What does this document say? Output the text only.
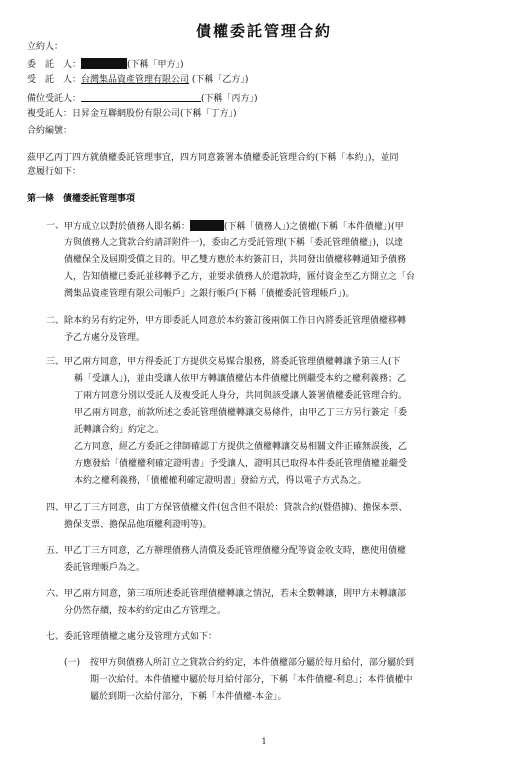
債權委託管理合約
立約人：
委　託　人：	(下稱「甲方」)
受　託　人：台灣集品資產管理有限公司 (下稱「乙方」)
備位受託人：	(下稱「丙方」)
複受託人：日昇金互聯網股份有限公司(下稱「丁方」)
合約編號：
茲甲乙丙丁四方就債權委託管理事宜，四方同意簽署本債權委託管理合約(下稱「本約」)，並同
意履行如下：
第一條　債權委託管理事項
一、 甲方成立以對於債務人即名稱：	(下稱「債務人」)之債權(下稱「本件債權」)(甲
方與債務人之貸款合約請詳附件一)，委由乙方受託管理(下稱「委託管理債權」)，以達
債權保全及屆期受償之目的。甲乙雙方應於本約簽訂日，共同發出債權移轉通知予債務
人，告知債權已委託並移轉予乙方，並要求債務人於還款時，匯付資金至乙方開立之「台
灣集品資產管理有限公司帳戶」之銀行帳戶(下稱「債權委託管理帳戶」)。
二、 除本約另有約定外，甲方即委託人同意於本約簽訂後兩個工作日內將委託管理債權移轉
予乙方處分及管理。
三、 甲乙兩方同意，甲方得委託丁方提供交易媒合服務，將委託管理債權轉讓予第三人(下
稱「受讓人」)，並由受讓人依甲方轉讓債權佔本件債權比例繼受本約之權利義務；乙
丁兩方同意分別以受託人及複受託人身分，共同與該受讓人簽署債權委託管理合約。
甲乙兩方同意，前款所述之委託管理債權轉讓交易條件，由甲乙丁三方另行簽定「委
託轉讓合約」約定之。
乙方同意，經乙方委託之律師確認丁方提供之債權轉讓交易相關文件正確無誤後，乙
方應發給「債權權利確定證明書」予受讓人，證明其已取得本件委託管理債權並繼受
本約之權利義務，「債權權利確定證明書」發給方式，得以電子方式為之。
四、 甲乙丁三方同意，由丁方保管債權文件(包含但不限於：貸款合約(暨借據)、擔保本票、
擔保支票、擔保品他項權利證明等)。
五、 甲乙丁三方同意，乙方辦理債務人清償及委託管理債權分配等資金收支時，應使用債權
委託管理帳戶為之。
六、 甲乙兩方同意，第三項所述委託管理債權轉讓之情況，若未全數轉讓，則甲方未轉讓部
分仍然存續，按本約約定由乙方管理之。
七、 委託管理債權之處分及管理方式如下：
(一) 按甲方與債務人所訂立之貸款合約約定，本件債權部分屬於每月給付，部分屬於到
期一次給付。本件債權中屬於每月給付部分，下稱「本件債權-利息」；本件債權中
屬於到期一次給付部分，下稱「本件債權-本金」。
1
